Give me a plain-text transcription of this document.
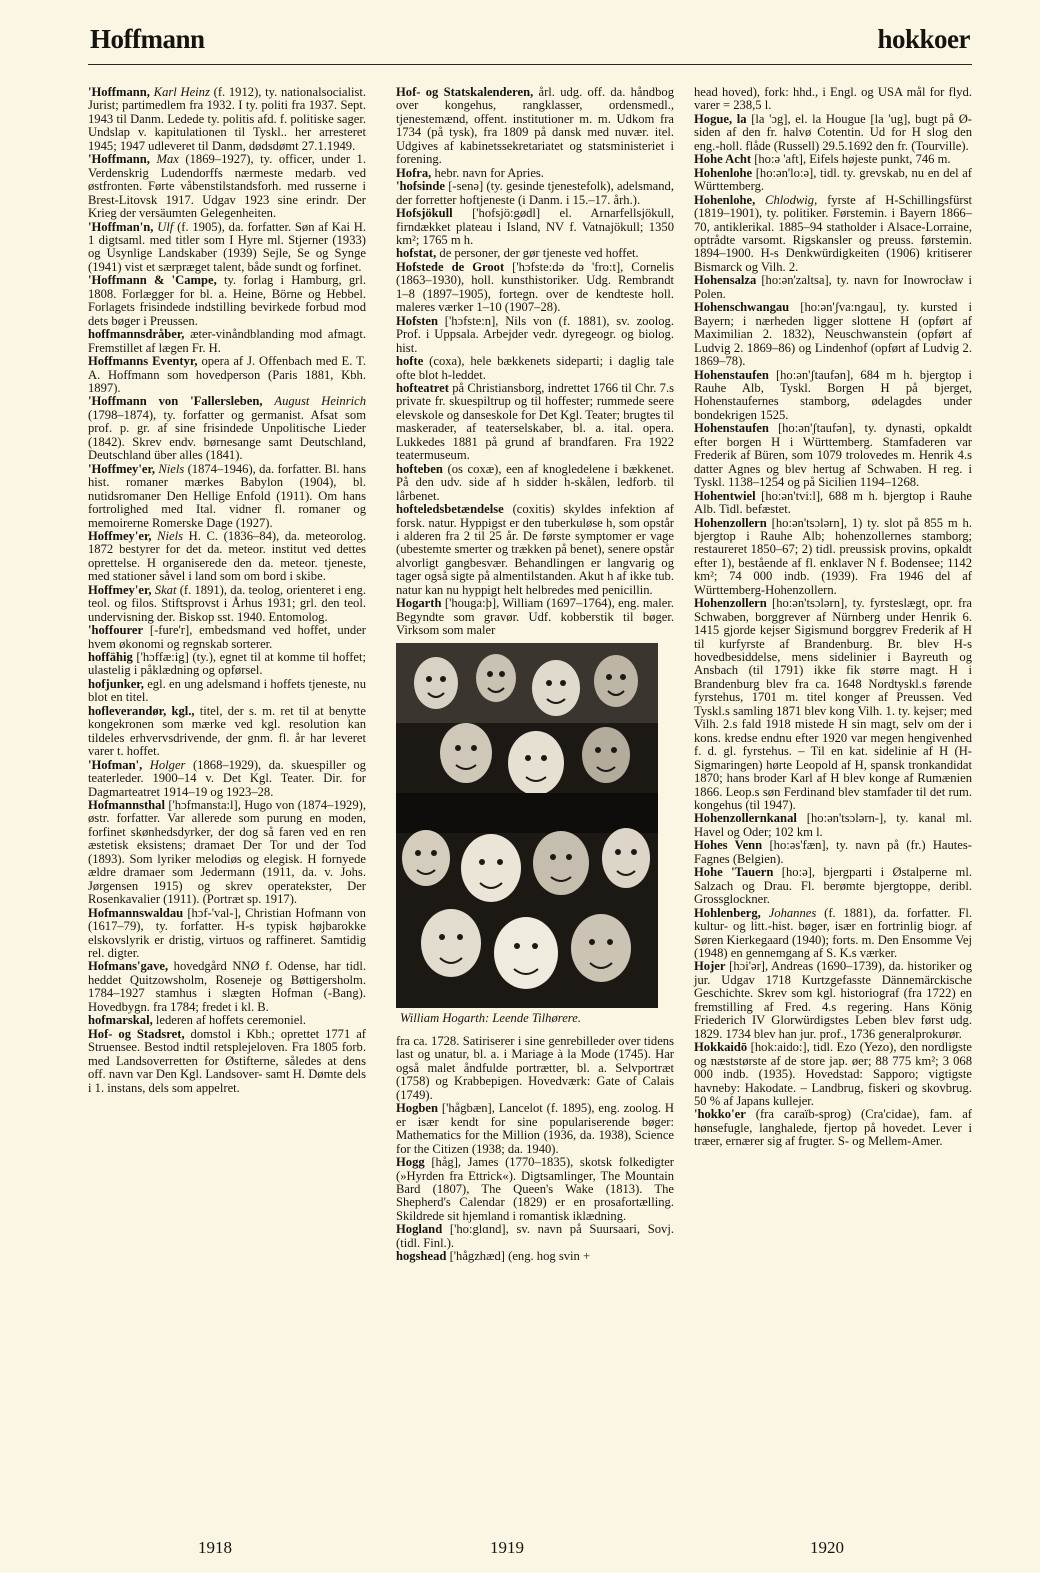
Hoffmann	hokkoer

'Hoffmann, Karl Heinz (f. 1912), ty. nationalsocialist. Jurist; partimedlem fra 1932. I ty. politi fra 1937. Sept. 1943 til Danm. Ledede ty. politis afd. f. politiske sager. Undslap v. kapitulationen til Tyskl.. her arresteret 1945; 1947 udleveret til Danm, dødsdømt 27.1.1949.

'Hoffmann, Max (1869–1927), ty. officer, under 1. Verdenskrig Ludendorffs nærmeste medarb. ved østfronten. Førte våbenstilstandsforh. med russerne i Brest-Litovsk 1917. Udgav 1923 sine erindr. Der Krieg der versäumten Gelegenheiten.

'Hoffman'n, Ulf (f. 1905), da. forfatter. Søn af Kai H. 1 digtsaml. med titler som I Hyre ml. Stjerner (1933) og Usynlige Landskaber (1939) Sejle, Se og Synge (1941) vist et særpræget talent, både sundt og forfinet.

'Hoffmann & 'Campe, ty. forlag i Hamburg, grl. 1808. Forlægger for bl. a. Heine, Börne og Hebbel. Forlagets frisindede indstilling bevirkede forbud mod dets bøger i Preussen.

hoffmannsdråber, æter-vinåndblanding mod afmagt. Fremstillet af lægen Fr. H.

Hoffmanns Eventyr, opera af J. Offenbach med E. T. A. Hoffmann som hovedperson (Paris 1881, Kbh. 1897).

'Hoffmann von 'Fallersleben, August Heinrich (1798–1874), ty. forfatter og germanist. Afsat som prof. p. gr. af sine frisindede Unpolitische Lieder (1842). Skrev endv. børnesange samt Deutschland, Deutschland über alles (1841).

'Hoffmey'er, Niels (1874–1946), da. forfatter. Bl. hans hist. romaner mærkes Babylon (1904), bl. nutidsromaner Den Hellige Enfold (1911). Om hans fortrolighed med Ital. vidner fl. romaner og memoirerne Romerske Dage (1927).

Hoffmey'er, Niels H. C. (1836–84), da. meteorolog. 1872 bestyrer for det da. meteor. institut ved dettes oprettelse. H organiserede den da. meteor. tjeneste, med stationer såvel i land som om bord i skibe.

Hoffmey'er, Skat (f. 1891), da. teolog, orienteret i eng. teol. og filos. Stiftsprovst i Århus 1931; grl. den teol. undervisning der. Biskop sst. 1940. Entomolog.

'hoffourer [-fure'r], embedsmand ved hoffet, under hvem økonomi og regnskab sorterer.

hoffähig ['hɔffæ:ig] (ty.), egnet til at komme til hoffet; ulastelig i påklædning og opførsel.

hofjunker, egl. en ung adelsmand i hoffets tjeneste, nu blot en titel.

hofleverandør, kgl., titel, der s. m. ret til at benytte kongekronen som mærke ved kgl. resolution kan tildeles erhvervsdrivende, der gnm. fl. år har leveret varer t. hoffet.

'Hofman', Holger (1868–1929), da. skuespiller og teaterleder. 1900–14 v. Det Kgl. Teater. Dir. for Dagmarteatret 1914–19 og 1923–28.

Hofmannsthal ['hɔfmansta:l], Hugo von (1874–1929), østr. forfatter. Var allerede som purung en moden, forfinet skønhedsdyrker, der dog så faren ved en ren æstetisk eksistens; dramaet Der Tor und der Tod (1893). Som lyriker melodiøs og elegisk. H fornyede ældre dramaer som Jedermann (1911, da. v. Johs. Jørgensen 1915) og skrev operatekster, Der Rosenkavalier (1911). (Portræt sp. 1917).

Hofmannswaldau [hɔf-'val-], Christian Hofmann von (1617–79), ty. forfatter. H-s typisk højbarokke elskovslyrik er dristig, virtuos og raffineret. Samtidig rel. digter.

Hofmans'gave, hovedgård NNØ f. Odense, har tidl. heddet Quitzowsholm, Roseneje og Bøttigersholm. 1784–1927 stamhus i slægten Hofman (-Bang). Hovedbygn. fra 1784; fredet i kl. B.

hofmarskal, lederen af hoffets ceremoniel.

Hof- og Stadsret, domstol i Kbh.; oprettet 1771 af Struensee. Bestod indtil retsplejeloven. Fra 1805 forb. med Landsoverretten for Østifterne, således at dens off. navn var Den Kgl. Landsover- samt H. Dømte dels i 1. instans, dels som appelret.

Hof- og Statskalenderen, årl. udg. off. da. håndbog over kongehus, rangklasser, ordensmedl., tjenestemænd, offent. institutioner m. m. Udkom fra 1734 (på tysk), fra 1809 på dansk med nuvær. itel. Udgives af kabinetssekretariatet og statsministeriet i forening.

Hofra, hebr. navn for Apries.

'hofsinde [-senə] (ty. gesinde tjenestefolk), adelsmand, der forretter hoftjeneste (i Danm. i 15.–17. årh.).

Hofsjökull ['hofsjö:gødl] el. Arnarfellsjökull, firndækket plateau i Island, NV f. Vatnajökull; 1350 km²; 1765 m h.

hofstat, de personer, der gør tjeneste ved hoffet.

Hofstede de Groot ['hɔfste:də də 'fro:t], Cornelis (1863–1930), holl. kunsthistoriker. Udg. Rembrandt 1–8 (1897–1905), fortegn. over de kendteste holl. maleres værker 1–10 (1907–28).

Hofsten ['hɔfste:n], Nils von (f. 1881), sv. zoolog. Prof. i Uppsala. Arbejder vedr. dyregeogr. og biolog. hist.

hofte (coxa), hele bækkenets sideparti; i daglig tale ofte blot h-leddet.

hofteatret på Christiansborg, indrettet 1766 til Chr. 7.s private fr. skuespiltrup og til hoffester; rummede seere elevskole og danseskole for Det Kgl. Teater; brugtes til maskerader, af teaterselskaber, bl. a. ital. opera. Lukkedes 1881 på grund af brandfaren. Fra 1922 teatermuseum.

hofteben (os coxæ), een af knogledelene i bækkenet. På den udv. side af h sidder h-skålen, ledforb. til lårbenet.

hofteledsbetændelse (coxitis) skyldes infektion af forsk. natur. Hyppigst er den tuberkuløse h, som opstår i alderen fra 2 til 25 år. De første symptomer er vage (ubestemte smerter og trækken på benet), senere opstår alvorligt gangbesvær. Behandlingen er langvarig og tager også sigte på almentilstanden. Akut h af ikke tub. natur kan nu hyppigt helt helbredes med penicillin.

Hogarth ['houga:þ], William (1697–1764), eng. maler. Begyndte som gravør. Udf. kobberstik til bøger. Virksom som maler

William Hogarth: Leende Tilhørere.

fra ca. 1728. Satiriserer i sine genrebilleder over tidens last og unatur, bl. a. i Mariage à la Mode (1745). Har også malet åndfulde portrætter, bl. a. Selvportræt (1758) og Krabbepigen. Hovedværk: Gate of Calais (1749).

Hogben ['hågbæn], Lancelot (f. 1895), eng. zoolog. H er især kendt for sine populariserende bøger: Mathematics for the Million (1936, da. 1938), Science for the Citizen (1938; da. 1940).

Hogg [håg], James (1770–1835), skotsk folkedigter (»Hyrden fra Ettrick«). Digtsamlinger, The Mountain Bard (1807), The Queen's Wake (1813). The Shepherd's Calendar (1829) er en prosafortælling. Skildrede sit hjemland i romantisk iklædning.

Hogland ['ho:glɑnd], sv. navn på Suursaari, Sovj. (tidl. Finl.).

hogshead ['hågzhæd] (eng. hog svin +

head hoved), fork: hhd., i Engl. og USA mål for flyd. varer = 238,5 l.

Hogue, la [la 'ɔg], el. la Hougue [la 'ug], bugt på Ø-siden af den fr. halvø Cotentin. Ud for H slog den eng.-holl. flåde (Russell) 29.5.1692 den fr. (Tourville).

Hohe Acht [ho:ə 'aft], Eifels højeste punkt, 746 m.

Hohenlohe [ho:ən'lo:ə], tidl. ty. grevskab, nu en del af Württemberg.

Hohenlohe, Chlodwig, fyrste af H-Schillingsfürst (1819–1901), ty. politiker. Førstemin. i Bayern 1866–70, antiklerikal. 1885–94 statholder i Alsace-Lorraine, optrådte varsomt. Rigskansler og preuss. førstemin. 1894–1900. H-s Denkwürdigkeiten (1906) kritiserer Bismarck og Vilh. 2.

Hohensalza [ho:ən'zaltsa], ty. navn for Inowrocław i Polen.

Hohenschwangau [ho:ən'ʃva:ngau], ty. kursted i Bayern; i nærheden ligger slottene H (opført af Maximilian 2. 1832), Neuschwanstein (opført af Ludvig 2. 1869–86) og Lindenhof (opført af Ludvig 2. 1869–78).

Hohenstaufen [ho:ən'ʃtaufən], 684 m h. bjergtop i Rauhe Alb, Tyskl. Borgen H på bjerget, Hohenstaufernes stamborg, ødelagdes under bondekrigen 1525.

Hohenstaufen [ho:ən'ʃtaufən], ty. dynasti, opkaldt efter borgen H i Württemberg. Stamfaderen var Frederik af Büren, som 1079 trolovedes m. Henrik 4.s datter Agnes og blev hertug af Schwaben. H reg. i Tyskl. 1138–1254 og på Sicilien 1194–1268.

Hohentwiel [ho:ən'tvi:l], 688 m h. bjergtop i Rauhe Alb. Tidl. befæstet.

Hohenzollern [ho:ən'tsɔlərn], 1) ty. slot på 855 m h. bjergtop i Rauhe Alb; hohenzollernes stamborg; restaureret 1850–67; 2) tidl. preussisk provins, opkaldt efter 1), bestående af fl. enklaver N f. Bodensee; 1142 km²; 74 000 indb. (1939). Fra 1946 del af Württemberg-Hohenzollern.

Hohenzollern [ho:ən'tsɔlərn], ty. fyrsteslægt, opr. fra Schwaben, borggrever af Nürnberg under Henrik 6. 1415 gjorde kejser Sigismund borggrev Frederik af H til kurfyrste af Brandenburg. Br. blev H-s hovedbesiddelse, mens sidelinier i Bayreuth og Ansbach (til 1791) ikke fik større magt. H i Brandenburg blev fra ca. 1648 Nordtyskl.s førende fyrstehus, 1701 m. titel konger af Preussen. Ved Tyskl.s samling 1871 blev kong Vilh. 1. ty. kejser; med Vilh. 2.s fald 1918 mistede H sin magt, selv om der i kons. kredse endnu efter 1920 var megen hengivenhed f. d. gl. fyrstehus. – Til en kat. sidelinie af H (H-Sigmaringen) hørte Leopold af H, spansk tronkandidat 1870; hans broder Karl af H blev konge af Rumænien 1866. Leop.s søn Ferdinand blev stamfader til det rum. kongehus (til 1947).

Hohenzollernkanal [ho:ən'tsɔlərn-], ty. kanal ml. Havel og Oder; 102 km l.

Hohes Venn [ho:əs'fæn], ty. navn på (fr.) Hautes-Fagnes (Belgien).

Hohe 'Tauern [ho:ə], bjergparti i Østalperne ml. Salzach og Drau. Fl. berømte bjergtoppe, deribl. Grossglockner.

Hohlenberg, Johannes (f. 1881), da. forfatter. Fl. kultur- og litt.-hist. bøger, især en fortrinlig biogr. af Søren Kierkegaard (1940); forts. m. Den Ensomme Vej (1948) en gennemgang af S. K.s værker.

Hojer [hɔi'ər], Andreas (1690–1739), da. historiker og jur. Udgav 1718 Kurtzgefasste Dännemärckische Geschichte. Skrev som kgl. historiograf (fra 1722) en fremstilling af Fred. 4.s regering. Hans König Friederich IV Glorwürdigstes Leben blev først udg. 1829. 1734 blev han jur. prof., 1736 generalprokurør.

Hokkaidō [hok:aido:], tidl. Ezo (Yezo), den nordligste og næststørste af de store jap. øer; 88 775 km²; 3 068 000 indb. (1935). Hovedstad: Sapporo; vigtigste havneby: Hakodate. – Landbrug, fiskeri og skovbrug. 50 % af Japans kullejer.

'hokko'er (fra caraïb-sprog) (Cra'cidae), fam. af hønsefugle, langhalede, fjertop på hovedet. Lever i træer, ernærer sig af frugter. S- og Mellem-Amer.

1918	1919	1920
